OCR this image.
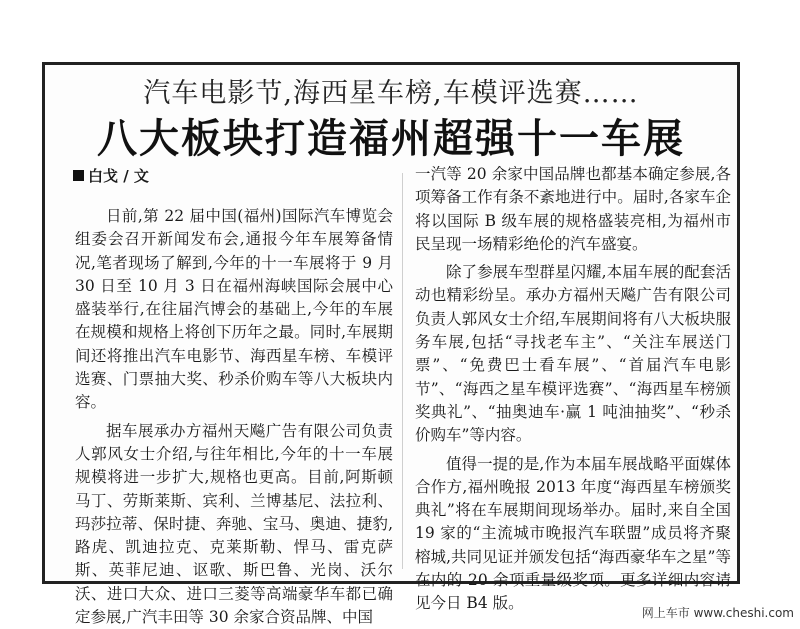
汽车电影节,海西星车榜,车模评选赛……
八大板块打造福州超强十一车展
白戈 / 文

日前,第 22 届中国(福州)国际汽车博览会组委会召开新闻发布会,通报今年车展筹备情况,笔者现场了解到,今年的十一车展将于 9 月 30 日至 10 月 3 日在福州海峡国际会展中心盛装举行,在往届汽博会的基础上,今年的车展在规模和规格上将创下历年之最。同时,车展期间还将推出汽车电影节、海西星车榜、车模评选赛、门票抽大奖、秒杀价购车等八大板块内容。

据车展承办方福州天飚广告有限公司负责人郭风女士介绍,与往年相比,今年的十一车展规模将进一步扩大,规格也更高。目前,阿斯顿马丁、劳斯莱斯、宾利、兰博基尼、法拉利、玛莎拉蒂、保时捷、奔驰、宝马、奥迪、捷豹,路虎、凯迪拉克、克莱斯勒、悍马、雷克萨斯、英菲尼迪、讴歌、斯巴鲁、光岗、沃尔沃、进口大众、进口三菱等高端豪华车都已确定参展,广汽丰田等 30 余家合资品牌、中国

一汽等 20 余家中国品牌也都基本确定参展,各项筹备工作有条不紊地进行中。届时,各家车企将以国际 B 级车展的规格盛装亮相,为福州市民呈现一场精彩绝伦的汽车盛宴。

除了参展车型群星闪耀,本届车展的配套活动也精彩纷呈。承办方福州天飚广告有限公司负责人郭风女士介绍,车展期间将有八大板块服务车展,包括“寻找老车主”、“关注车展送门票”、“免费巴士看车展”、“首届汽车电影节”、“海西之星车模评选赛”、“海西星车榜颁奖典礼”、“抽奥迪车·赢 1 吨油抽奖”、“秒杀价购车”等内容。

值得一提的是,作为本届车展战略平面媒体合作方,福州晚报 2013 年度“海西星车榜颁奖典礼”将在车展期间现场举办。届时,来自全国 19 家的“主流城市晚报汽车联盟”成员将齐聚榕城,共同见证并颁发包括“海西豪华车之星”等在内的 20 余项重量级奖项。更多详细内容请见今日 B4 版。

网上车市 www.cheshi.com
